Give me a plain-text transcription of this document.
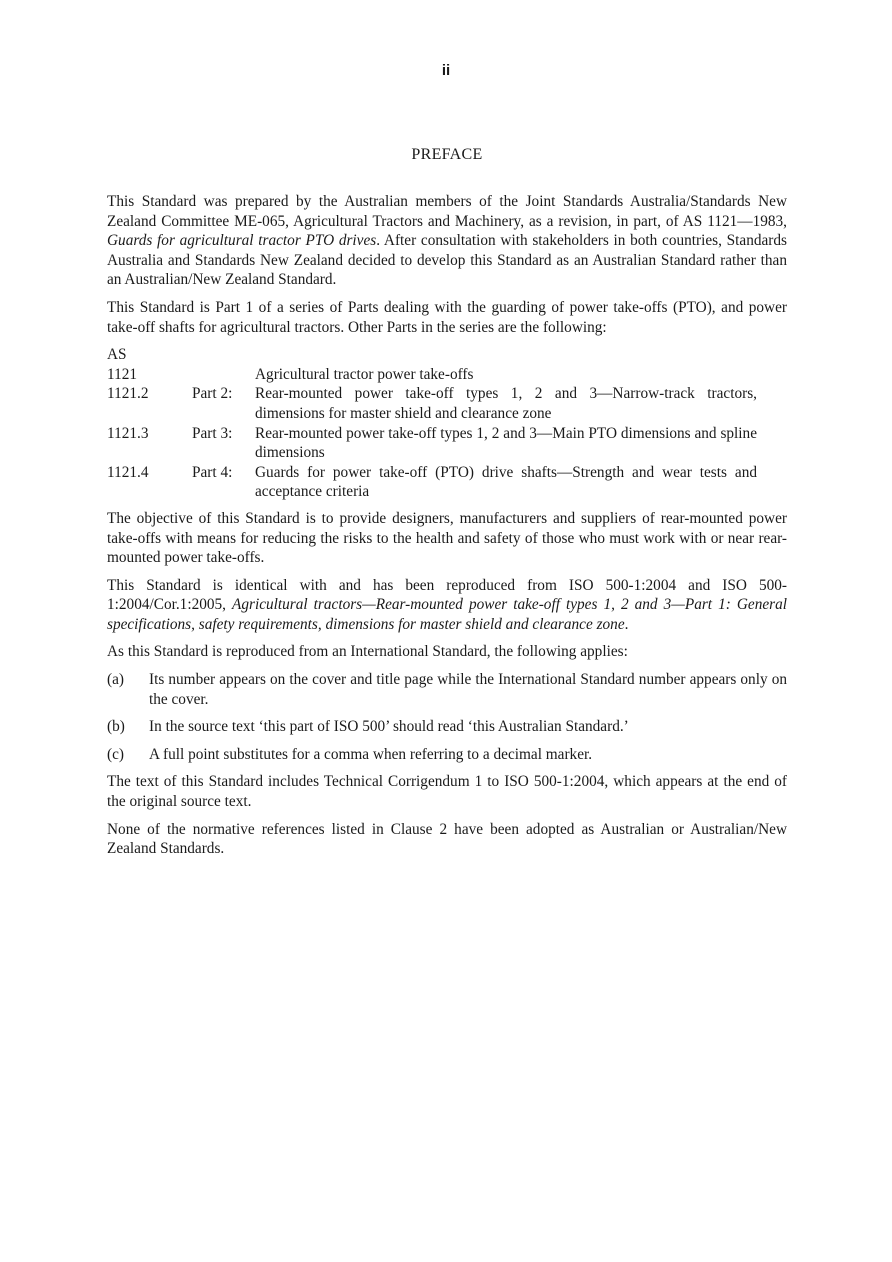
ii
PREFACE

This Standard was prepared by the Australian members of the Joint Standards Australia/Standards New Zealand Committee ME-065, Agricultural Tractors and Machinery, as a revision, in part, of AS 1121—1983, Guards for agricultural tractor PTO drives. After consultation with stakeholders in both countries, Standards Australia and Standards New Zealand decided to develop this Standard as an Australian Standard rather than an Australian/New Zealand Standard.

This Standard is Part 1 of a series of Parts dealing with the guarding of power take-offs (PTO), and power take-off shafts for agricultural tractors. Other Parts in the series are the following:

AS		
1121		Agricultural tractor power take-offs
1121.2	Part 2:	Rear-mounted power take-off types 1, 2 and 3—Narrow-track tractors, dimensions for master shield and clearance zone
1121.3	Part 3:	Rear-mounted power take-off types 1, 2 and 3—Main PTO dimensions and spline dimensions
1121.4	Part 4:	Guards for power take-off (PTO) drive shafts—Strength and wear tests and acceptance criteria

The objective of this Standard is to provide designers, manufacturers and suppliers of rear-mounted power take-offs with means for reducing the risks to the health and safety of those who must work with or near rear-mounted power take-offs.

This Standard is identical with and has been reproduced from ISO 500-1:2004 and ISO 500-1:2004/Cor.1:2005, Agricultural tractors—Rear-mounted power take-off types 1, 2 and 3—Part 1: General specifications, safety requirements, dimensions for master shield and clearance zone.

As this Standard is reproduced from an International Standard, the following applies:

(a)	Its number appears on the cover and title page while the International Standard number appears only on the cover.
(b)	In the source text ‘this part of ISO 500’ should read ‘this Australian Standard.’
(c)	A full point substitutes for a comma when referring to a decimal marker.

The text of this Standard includes Technical Corrigendum 1 to ISO 500-1:2004, which appears at the end of the original source text.

None of the normative references listed in Clause 2 have been adopted as Australian or Australian/New Zealand Standards.
